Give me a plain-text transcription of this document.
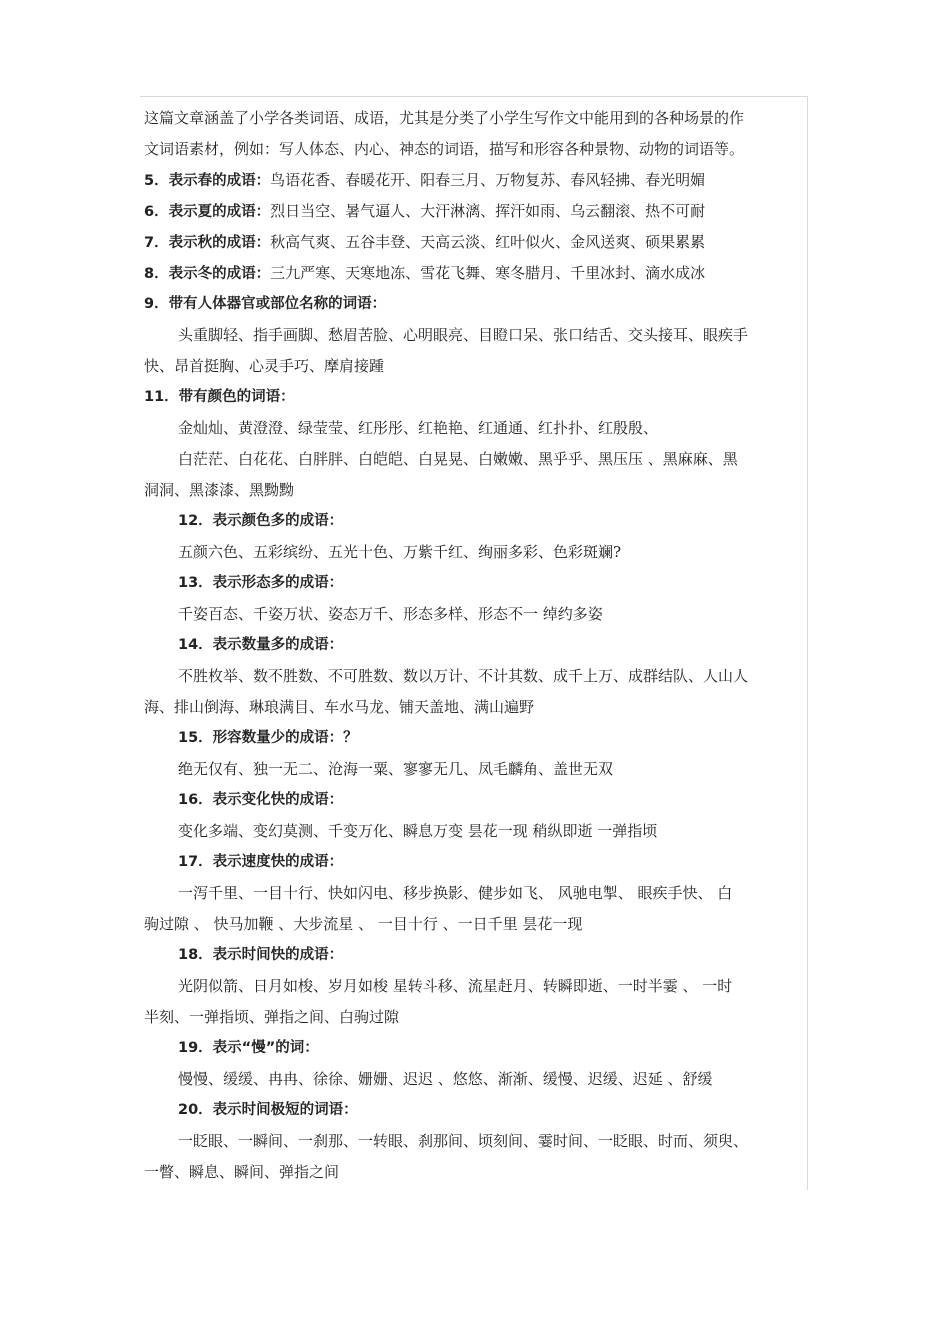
这篇文章涵盖了小学各类词语、成语，尤其是分类了小学生写作文中能用到的各种场景的作
文词语素材，例如：写人体态、内心、神态的词语，描写和形容各种景物、动物的词语等。
5．表示春的成语：鸟语花香、春暖花开、阳春三月、万物复苏、春风轻拂、春光明媚
6．表示夏的成语：烈日当空、暑气逼人、大汗淋漓、挥汗如雨、乌云翻滚、热不可耐
7．表示秋的成语：秋高气爽、五谷丰登、天高云淡、红叶似火、金风送爽、硕果累累
8．表示冬的成语：三九严寒、天寒地冻、雪花飞舞、寒冬腊月、千里冰封、滴水成冰
9．带有人体器官或部位名称的词语：
头重脚轻、指手画脚、愁眉苦脸、心明眼亮、目瞪口呆、张口结舌、交头接耳、眼疾手
快、昂首挺胸、心灵手巧、摩肩接踵
11．带有颜色的词语：
金灿灿、黄澄澄、绿莹莹、红彤彤、红艳艳、红通通、红扑扑、红殷殷、
白茫茫、白花花、白胖胖、白皑皑、白晃晃、白嫩嫩、黑乎乎、黑压压 、黑麻麻、黑
洞洞、黑漆漆、黑黝黝
12．表示颜色多的成语：
五颜六色、五彩缤纷、五光十色、万紫千红、绚丽多彩、色彩斑斓?
13．表示形态多的成语：
千姿百态、千姿万状、姿态万千、形态多样、形态不一 绰约多姿
14．表示数量多的成语：
不胜枚举、数不胜数、不可胜数、数以万计、不计其数、成千上万、成群结队、人山人
海、排山倒海、琳琅满目、车水马龙、铺天盖地、满山遍野
15．形容数量少的成语：？
绝无仅有、独一无二、沧海一粟、寥寥无几、凤毛麟角、盖世无双
16．表示变化快的成语：
变化多端、变幻莫测、千变万化、瞬息万变 昙花一现 稍纵即逝 一弹指顷
17．表示速度快的成语：
一泻千里、一目十行、快如闪电、移步换影、健步如飞、 风驰电掣、 眼疾手快、 白
驹过隙 、 快马加鞭 、大步流星 、 一目十行 、一日千里 昙花一现
18．表示时间快的成语：
光阴似箭、日月如梭、岁月如梭 星转斗移、流星赶月、转瞬即逝、一时半霎 、 一时
半刻、一弹指顷、弹指之间、白驹过隙
19．表示“慢”的词：
慢慢、缓缓、冉冉、徐徐、姗姗、迟迟 、悠悠、渐渐、缓慢、迟缓、迟延 、舒缓
20．表示时间极短的词语：
一眨眼、一瞬间、一刹那、一转眼、刹那间、顷刻间、霎时间、一眨眼、时而、须臾、
一瞥、瞬息、瞬间、弹指之间
